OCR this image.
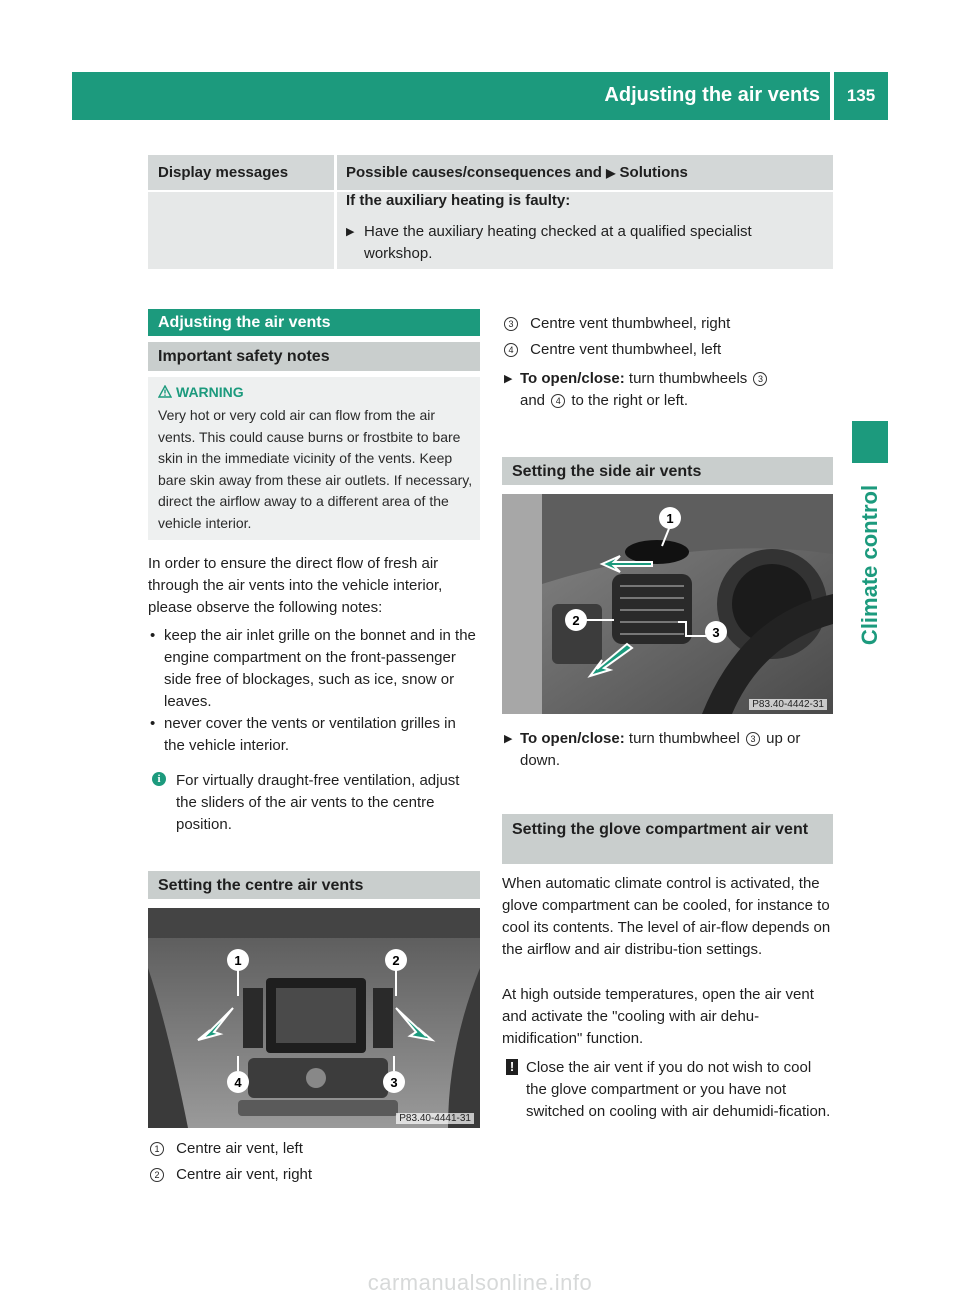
Adjusting the air vents	135
Climate control
Display messages	Possible causes/consequences and ▶ Solutions
If the auxiliary heating is faulty:
▶ Have the auxiliary heating checked at a qualified specialist workshop.
Adjusting the air vents
Important safety notes
WARNING
Very hot or very cold air can flow from the air vents. This could cause burns or frostbite to bare skin in the immediate vicinity of the vents. Keep bare skin away from these air outlets. If necessary, direct the airflow away to a different area of the vehicle interior.
In order to ensure the direct flow of fresh air through the air vents into the vehicle interior, please observe the following notes:
• keep the air inlet grille on the bonnet and in the engine compartment on the front-passenger side free of blockages, such as ice, snow or leaves.
• never cover the vents or ventilation grilles in the vehicle interior.
i	For virtually draught-free ventilation, adjust the sliders of the air vents to the centre position.
Setting the centre air vents
1	2
4	3
P83.40-4441-31
1 Centre air vent, left
2 Centre air vent, right
3 Centre vent thumbwheel, right
4 Centre vent thumbwheel, left
▶ To open/close: turn thumbwheels 3
and 4 to the right or left.
Setting the side air vents
1
2
3
P83.40-4442-31
▶ To open/close: turn thumbwheel 3 up or down.
Setting the glove compartment air vent
When automatic climate control is activated, the glove compartment can be cooled, for instance to cool its contents. The level of air-flow depends on the airflow and air distribu-tion settings.
At high outside temperatures, open the air vent and activate the "cooling with air dehu-midification" function.
! Close the air vent if you do not wish to cool the glove compartment or you have not switched on cooling with air dehumidi-fication.
carmanualsonline.info
